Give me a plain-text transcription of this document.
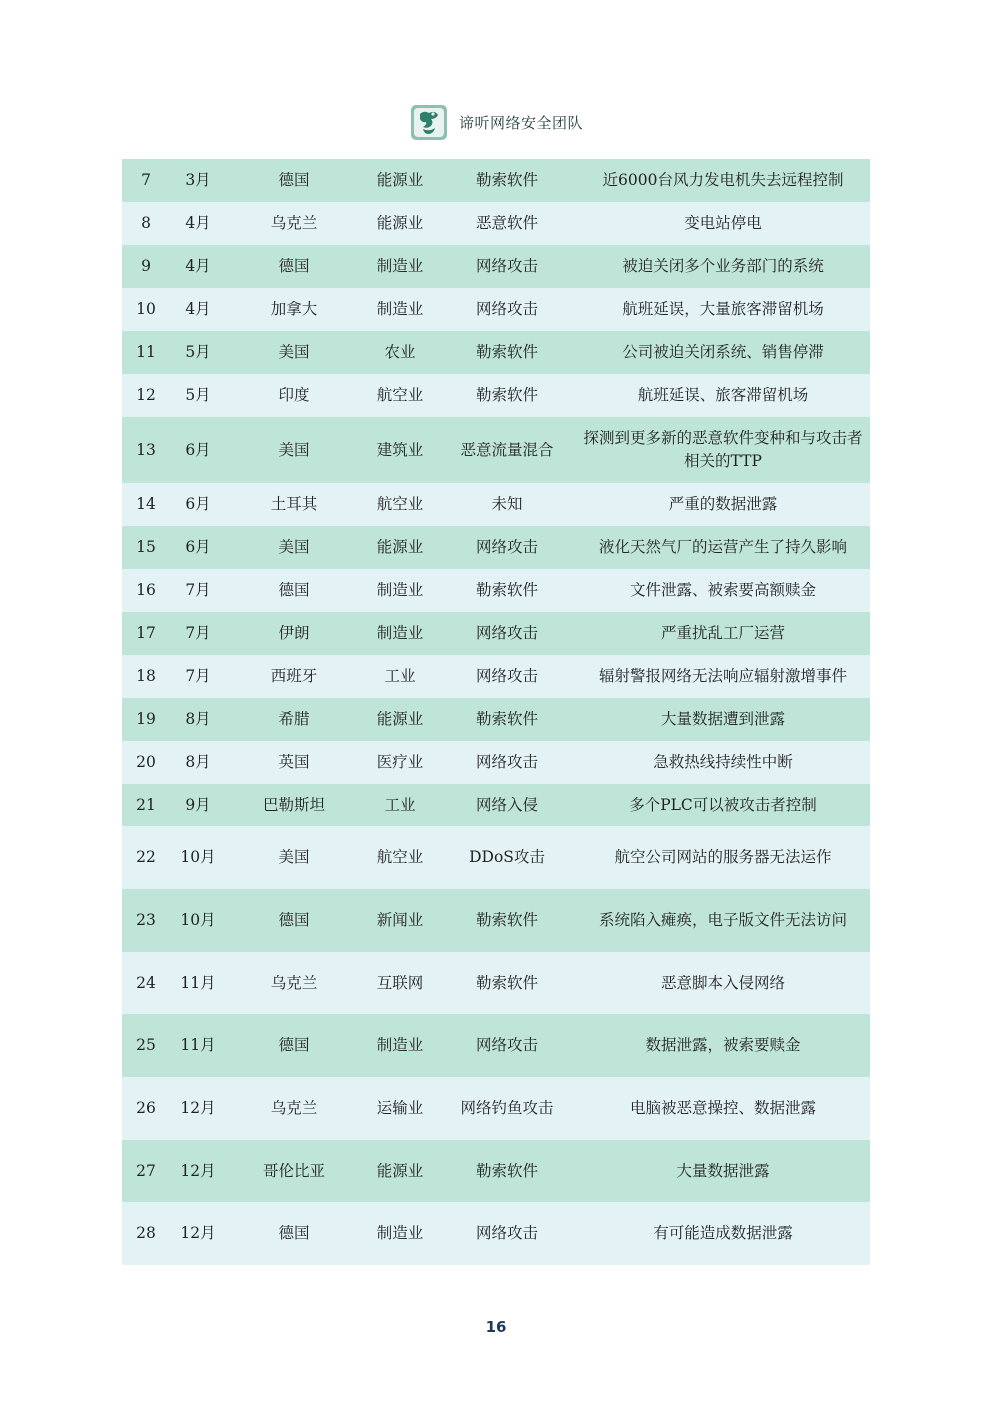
谛听网络安全团队
7	3月	德国	能源业	勒索软件	近6000台风力发电机失去远程控制
8	4月	乌克兰	能源业	恶意软件	变电站停电
9	4月	德国	制造业	网络攻击	被迫关闭多个业务部门的系统
10	4月	加拿大	制造业	网络攻击	航班延误，大量旅客滞留机场
11	5月	美国	农业	勒索软件	公司被迫关闭系统、销售停滞
12	5月	印度	航空业	勒索软件	航班延误、旅客滞留机场
13	6月	美国	建筑业	恶意流量混合	探测到更多新的恶意软件变种和与攻击者相关的TTP
14	6月	土耳其	航空业	未知	严重的数据泄露
15	6月	美国	能源业	网络攻击	液化天然气厂的运营产生了持久影响
16	7月	德国	制造业	勒索软件	文件泄露、被索要高额赎金
17	7月	伊朗	制造业	网络攻击	严重扰乱工厂运营
18	7月	西班牙	工业	网络攻击	辐射警报网络无法响应辐射激增事件
19	8月	希腊	能源业	勒索软件	大量数据遭到泄露
20	8月	英国	医疗业	网络攻击	急救热线持续性中断
21	9月	巴勒斯坦	工业	网络入侵	多个PLC可以被攻击者控制
22	10月	美国	航空业	DDoS攻击	航空公司网站的服务器无法运作
23	10月	德国	新闻业	勒索软件	系统陷入瘫痪，电子版文件无法访问
24	11月	乌克兰	互联网	勒索软件	恶意脚本入侵网络
25	11月	德国	制造业	网络攻击	数据泄露，被索要赎金
26	12月	乌克兰	运输业	网络钓鱼攻击	电脑被恶意操控、数据泄露
27	12月	哥伦比亚	能源业	勒索软件	大量数据泄露
28	12月	德国	制造业	网络攻击	有可能造成数据泄露
16
